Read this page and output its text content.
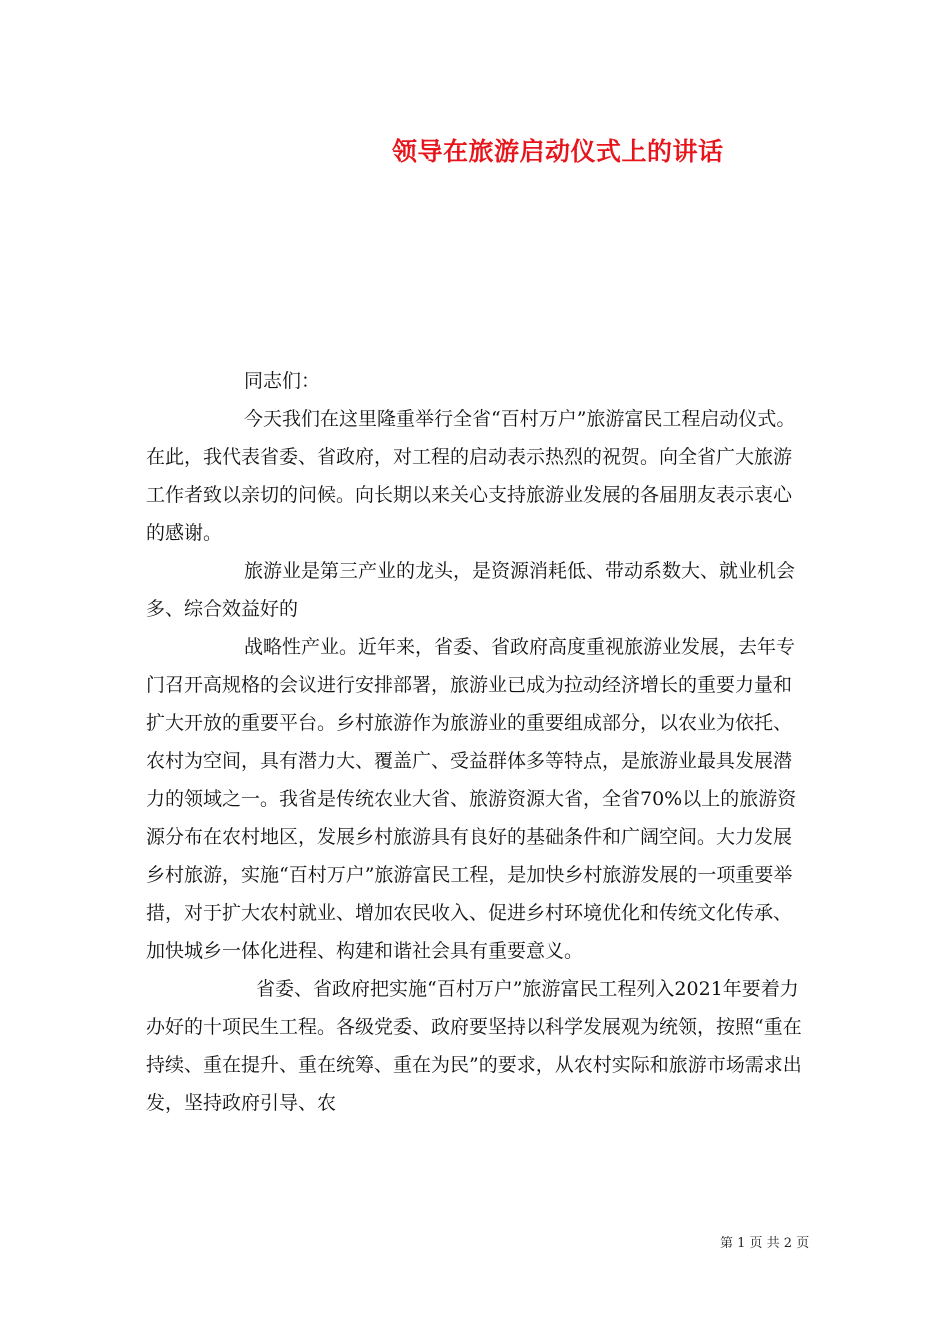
领导在旅游启动仪式上的讲话

同志们：

今天我们在这里隆重举行全省“百村万户”旅游富民工程启动仪式。在此，我代表省委、省政府，对工程的启动表示热烈的祝贺。向全省广大旅游工作者致以亲切的问候。向长期以来关心支持旅游业发展的各届朋友表示衷心的感谢。

旅游业是第三产业的龙头，是资源消耗低、带动系数大、就业机会多、综合效益好的

战略性产业。近年来，省委、省政府高度重视旅游业发展，去年专门召开高规格的会议进行安排部署，旅游业已成为拉动经济增长的重要力量和扩大开放的重要平台。乡村旅游作为旅游业的重要组成部分，以农业为依托、农村为空间，具有潜力大、覆盖广、受益群体多等特点，是旅游业最具发展潜力的领域之一。我省是传统农业大省、旅游资源大省，全省70%以上的旅游资源分布在农村地区，发展乡村旅游具有良好的基础条件和广阔空间。大力发展乡村旅游，实施“百村万户”旅游富民工程，是加快乡村旅游发展的一项重要举措，对于扩大农村就业、增加农民收入、促进乡村环境优化和传统文化传承、加快城乡一体化进程、构建和谐社会具有重要意义。

省委、省政府把实施“百村万户”旅游富民工程列入2021年要着力办好的十项民生工程。各级党委、政府要坚持以科学发展观为统领，按照“重在持续、重在提升、重在统筹、重在为民”的要求，从农村实际和旅游市场需求出发，坚持政府引导、农

第 1 页 共 2 页
